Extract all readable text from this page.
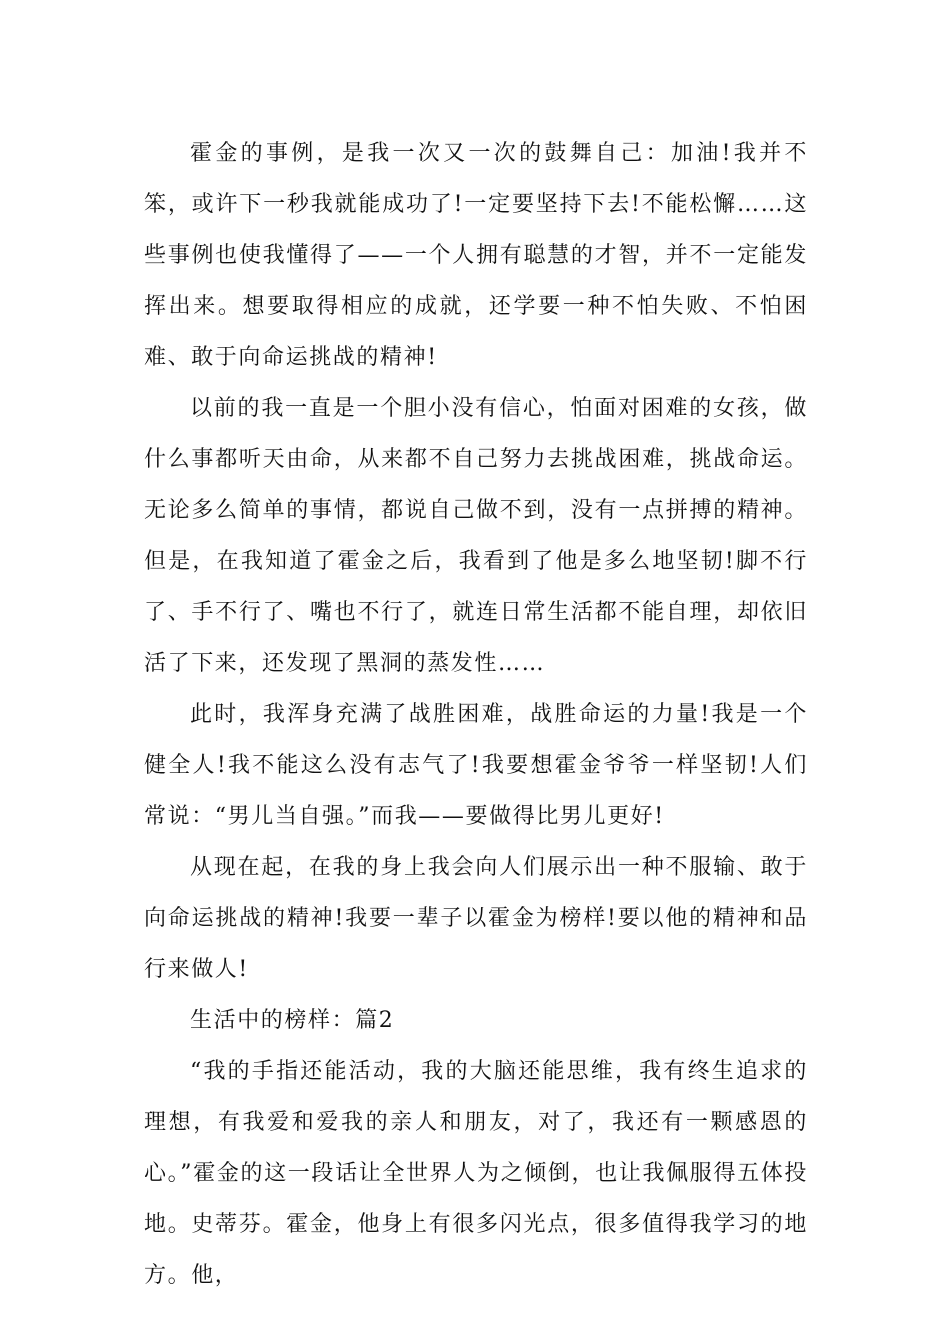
霍金的事例，是我一次又一次的鼓舞自己：加油!我并不笨，或许下一秒我就能成功了!一定要坚持下去!不能松懈……这些事例也使我懂得了——一个人拥有聪慧的才智，并不一定能发挥出来。想要取得相应的成就，还学要一种不怕失败、不怕困难、敢于向命运挑战的精神!

以前的我一直是一个胆小没有信心，怕面对困难的女孩，做什么事都听天由命，从来都不自己努力去挑战困难，挑战命运。无论多么简单的事情，都说自己做不到，没有一点拼搏的精神。但是，在我知道了霍金之后，我看到了他是多么地坚韧!脚不行了、手不行了、嘴也不行了，就连日常生活都不能自理，却依旧活了下来，还发现了黑洞的蒸发性……

此时，我浑身充满了战胜困难，战胜命运的力量!我是一个健全人!我不能这么没有志气了!我要想霍金爷爷一样坚韧!人们常说：“男儿当自强。”而我——要做得比男儿更好!

从现在起，在我的身上我会向人们展示出一种不服输、敢于向命运挑战的精神!我要一辈子以霍金为榜样!要以他的精神和品行来做人!

生活中的榜样：篇2

“我的手指还能活动，我的大脑还能思维，我有终生追求的理想，有我爱和爱我的亲人和朋友，对了，我还有一颗感恩的心。”霍金的这一段话让全世界人为之倾倒，也让我佩服得五体投地。史蒂芬。霍金，他身上有很多闪光点，很多值得我学习的地方。他，
